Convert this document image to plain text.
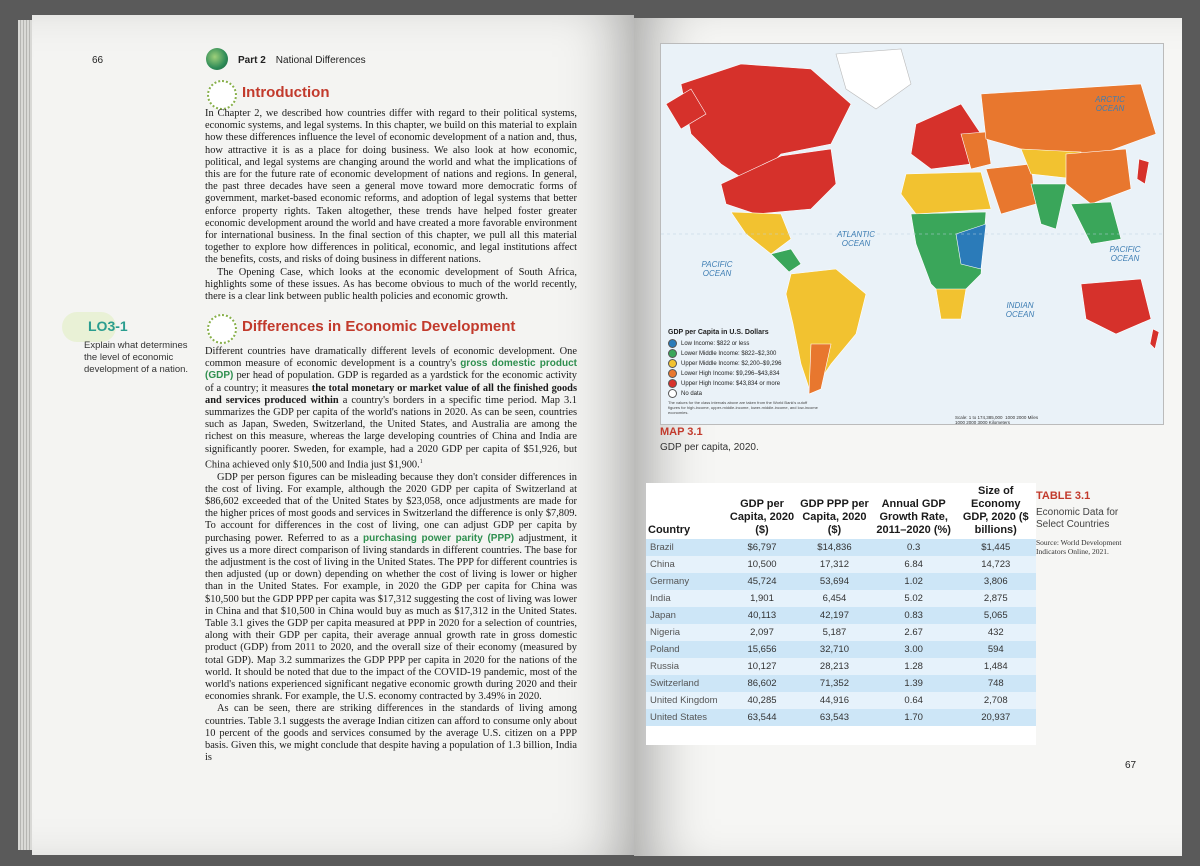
66	Part 2 National Differences
Introduction

In Chapter 2, we described how countries differ with regard to their political systems, economic systems, and legal systems. In this chapter, we build on this material to explain how these differences influence the level of economic development of a nation and, thus, how attractive it is as a place for doing business. We also look at how economic, political, and legal systems are changing around the world and what the implications of this are for the future rate of economic development of nations and regions. In general, the past three decades have seen a general move toward more democratic forms of government, market-based economic reforms, and adoption of legal systems that better enforce property rights. Taken altogether, these trends have helped foster greater economic development around the world and have created a more favorable environment for international business. In the final section of this chapter, we pull all this material together to explore how differences in political, economic, and legal institutions affect the benefits, costs, and risks of doing business in different nations.

The Opening Case, which looks at the economic development of South Africa, highlights some of these issues. As has become obvious to much of the world recently, there is a clear link between public health policies and economic growth.

LO3-1
Explain what determines the level of economic development of a nation.
Differences in Economic Development

Different countries have dramatically different levels of economic development. One common measure of economic development is a country's gross domestic product (GDP) per head of population. GDP is regarded as a yardstick for the economic activity of a country; it measures the total monetary or market value of all the finished goods and services produced within a country's borders in a specific time period. Map 3.1 summarizes the GDP per capita of the world's nations in 2020. As can be seen, countries such as Japan, Sweden, Switzerland, the United States, and Australia are among the richest on this measure, whereas the large developing countries of China and India are significantly poorer. Sweden, for example, had a 2020 GDP per capita of $51,926, but China achieved only $10,500 and India just $1,900.$^1$

GDP per person figures can be misleading because they don't consider differences in the cost of living. For example, although the 2020 GDP per capita of Switzerland at $86,602 exceeded that of the United States by $23,058, once adjustments are made for the higher prices of most goods and services in Switzerland the difference is only $7,809. To account for differences in the cost of living, one can adjust GDP per capita by purchasing power. Referred to as a purchasing power parity (PPP) adjustment, it gives us a more direct comparison of living standards in different countries. The base for the adjustment is the cost of living in the United States. The PPP for different countries is then adjusted (up or down) depending on whether the cost of living is lower or higher than in the United States. For example, in 2020 the GDP per capita for China was $10,500 but the GDP PPP per capita was $17,312 suggesting the cost of living was lower in China and that $10,500 in China would buy as much as $17,312 in the United States. Table 3.1 gives the GDP per capita measured at PPP in 2020 for a selection of countries, along with their GDP per capita, their average annual growth rate in gross domestic product (GDP) from 2011 to 2020, and the overall size of their economy (measured by total GDP). Map 3.2 summarizes the GDP PPP per capita in 2020 for the nations of the world. It should be noted that due to the impact of the COVID-19 pandemic, most of the world's nations experienced significant negative economic growth during 2020 and their economies shrank. For example, the U.S. economy contracted by 3.49% in 2020.

As can be seen, there are striking differences in the standards of living among countries. Table 3.1 suggests the average Indian citizen can afford to consume only about 10 percent of the goods and services consumed by the average U.S. citizen on a PPP basis. Given this, we might conclude that despite having a population of 1.3 billion, India is

ARCTIC
OCEAN
ATLANTIC
OCEAN
PACIFIC
OCEAN
PACIFIC
OCEAN
INDIAN
OCEAN
GDP per Capita in U.S. Dollars
Low Income: $822 or less
Lower Middle Income: $822–$2,300
Upper Middle Income: $2,200–$9,296
Lower High Income: $9,296–$43,834
Upper High Income: $43,834 or more
No data
The values for the class intervals above are taken from the World Bank's cutoff figures for high-income, upper-middle-income, lower-middle-income, and low-income economies.
Scale: 1 to 174,385,000 1000 2000 Miles
1000 2000 3000 Kilometers
MAP 3.1
GDP per capita, 2020.
Country	GDP per Capita, 2020 ($)	GDP PPP per Capita, 2020 ($)	Annual GDP Growth Rate, 2011–2020 (%)	Size of Economy GDP, 2020 ($ billions)
Brazil	$6,797	$14,836	0.3	$1,445
China	10,500	17,312	6.84	14,723
Germany	45,724	53,694	1.02	3,806
India	1,901	6,454	5.02	2,875
Japan	40,113	42,197	0.83	5,065
Nigeria	2,097	5,187	2.67	432
Poland	15,656	32,710	3.00	594
Russia	10,127	28,213	1.28	1,484
Switzerland	86,602	71,352	1.39	748
United Kingdom	40,285	44,916	0.64	2,708
United States	63,544	63,543	1.70	20,937
TABLE 3.1
Economic Data for Select Countries
Source: World Development Indicators Online, 2021.
67
